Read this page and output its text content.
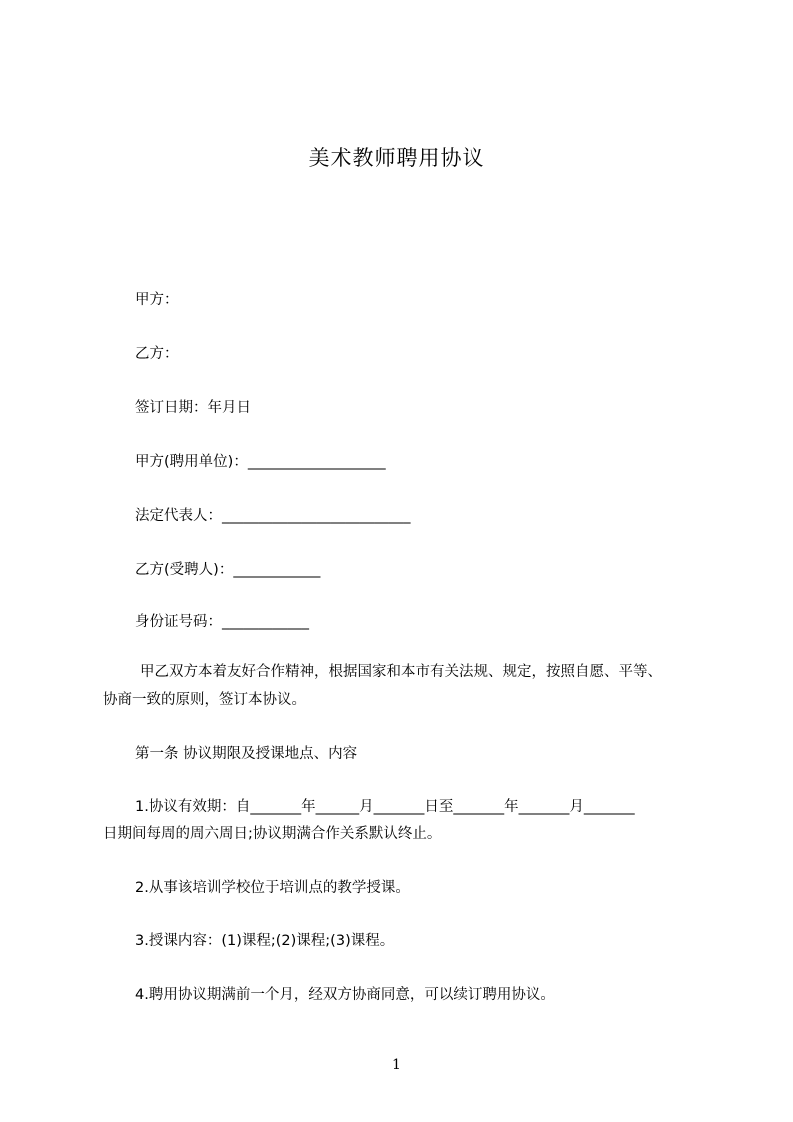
美术教师聘用协议
甲方：
乙方：
签订日期：年月日
甲方(聘用单位)：___________________
法定代表人：__________________________
乙方(受聘人)：____________
身份证号码：____________
甲乙双方本着友好合作精神，根据国家和本市有关法规、规定，按照自愿、平等、
协商一致的原则，签订本协议。
第一条 协议期限及授课地点、内容
1.协议有效期：自_______年______月_______日至_______年_______月_______
日期间每周的周六周日;协议期满合作关系默认终止。
2.从事该培训学校位于培训点的教学授课。
3.授课内容：(1)课程;(2)课程;(3)课程。
4.聘用协议期满前一个月，经双方协商同意，可以续订聘用协议。
1
